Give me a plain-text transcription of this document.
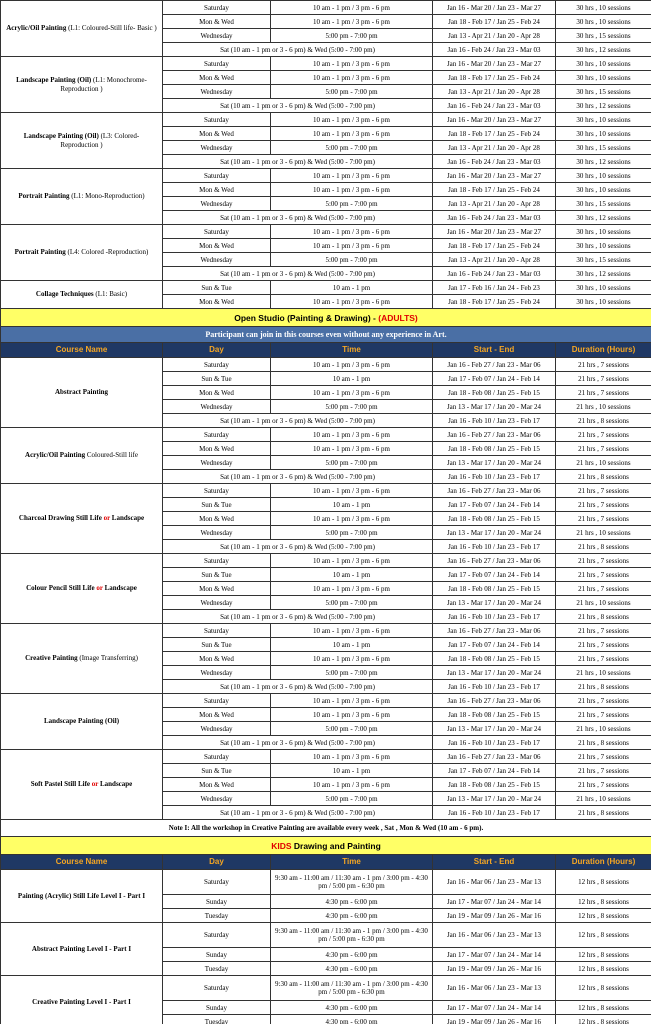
Acrylic/Oil Painting (L1: Coloured-Still life- Basic )	Saturday	10 am - 1 pm / 3 pm - 6 pm	Jan 16 - Mar 20 / Jan 23 - Mar 27	30 hrs , 10 sessions
	Mon & Wed	10 am - 1 pm / 3 pm - 6 pm	Jan 18 - Feb 17 / Jan 25 - Feb 24	30 hrs , 10 sessions
	Wednesday	5:00 pm - 7:00 pm	Jan 13 - Apr 21 / Jan 20 - Apr 28	30 hrs , 15 sessions
	Sat (10 am - 1 pm or 3 - 6 pm) & Wed (5:00 - 7:00 pm)		Jan 16 - Feb 24 / Jan 23 - Mar 03	30 hrs , 12 sessions
Landscape Painting (Oil) (L1: Monochrome- Reproduction )	Saturday	10 am - 1 pm / 3 pm - 6 pm	Jan 16 - Mar 20 / Jan 23 - Mar 27	30 hrs , 10 sessions
	Mon & Wed	10 am - 1 pm / 3 pm - 6 pm	Jan 18 - Feb 17 / Jan 25 - Feb 24	30 hrs , 10 sessions
	Wednesday	5:00 pm - 7:00 pm	Jan 13 - Apr 21 / Jan 20 - Apr 28	30 hrs , 15 sessions
	Sat (10 am - 1 pm or 3 - 6 pm) & Wed (5:00 - 7:00 pm)		Jan 16 - Feb 24 / Jan 23 - Mar 03	30 hrs , 12 sessions
Landscape Painting (Oil) (L3: Colored- Reproduction )	Saturday	10 am - 1 pm / 3 pm - 6 pm	Jan 16 - Mar 20 / Jan 23 - Mar 27	30 hrs , 10 sessions
	Mon & Wed	10 am - 1 pm / 3 pm - 6 pm	Jan 18 - Feb 17 / Jan 25 - Feb 24	30 hrs , 10 sessions
	Wednesday	5:00 pm - 7:00 pm	Jan 13 - Apr 21 / Jan 20 - Apr 28	30 hrs , 15 sessions
	Sat (10 am - 1 pm or 3 - 6 pm) & Wed (5:00 - 7:00 pm)		Jan 16 - Feb 24 / Jan 23 - Mar 03	30 hrs , 12 sessions
Portrait Painting (L1: Mono-Reproduction)	Saturday	10 am - 1 pm / 3 pm - 6 pm	Jan 16 - Mar 20 / Jan 23 - Mar 27	30 hrs , 10 sessions
	Mon & Wed	10 am - 1 pm / 3 pm - 6 pm	Jan 18 - Feb 17 / Jan 25 - Feb 24	30 hrs , 10 sessions
	Wednesday	5:00 pm - 7:00 pm	Jan 13 - Apr 21 / Jan 20 - Apr 28	30 hrs , 15 sessions
	Sat (10 am - 1 pm or 3 - 6 pm) & Wed (5:00 - 7:00 pm)		Jan 16 - Feb 24 / Jan 23 - Mar 03	30 hrs , 12 sessions
Portrait Painting (L4: Colored -Reproduction)	Saturday	10 am - 1 pm / 3 pm - 6 pm	Jan 16 - Mar 20 / Jan 23 - Mar 27	30 hrs , 10 sessions
	Mon & Wed	10 am - 1 pm / 3 pm - 6 pm	Jan 18 - Feb 17 / Jan 25 - Feb 24	30 hrs , 10 sessions
	Wednesday	5:00 pm - 7:00 pm	Jan 13 - Apr 21 / Jan 20 - Apr 28	30 hrs , 15 sessions
	Sat (10 am - 1 pm or 3 - 6 pm) & Wed (5:00 - 7:00 pm)		Jan 16 - Feb 24 / Jan 23 - Mar 03	30 hrs , 12 sessions
Collage Techniques (L1: Basic)	Sun & Tue	10 am - 1 pm	Jan 17 - Feb 16 / Jan 24 - Feb 23	30 hrs , 10 sessions
	Mon & Wed	10 am - 1 pm / 3 pm - 6 pm	Jan 18 - Feb 17 / Jan 25 - Feb 24	30 hrs , 10 sessions
Open Studio (Painting & Drawing) - (ADULTS)				
Participant can join in this courses even without any experience in Art.				
Course Name	Day	Time	Start - End	Duration (Hours)
Abstract Painting	Saturday	10 am - 1 pm / 3 pm - 6 pm	Jan 16 - Feb 27 / Jan 23 - Mar 06	21 hrs , 7 sessions
	Sun & Tue	10 am - 1 pm	Jan 17 - Feb 07 / Jan 24 - Feb 14	21 hrs , 7 sessions
	Mon & Wed	10 am - 1 pm / 3 pm - 6 pm	Jan 18 - Feb 08 / Jan 25 - Feb 15	21 hrs , 7 sessions
	Wednesday	5:00 pm - 7:00 pm	Jan 13 - Mar 17 / Jan 20 - Mar 24	21 hrs , 10 sessions
	Sat (10 am - 1 pm or 3 - 6 pm) & Wed (5:00 - 7:00 pm)		Jan 16 - Feb 10 / Jan 23 - Feb 17	21 hrs , 8 sessions
Acrylic/Oil Painting Coloured-Still life	Saturday	10 am - 1 pm / 3 pm - 6 pm	Jan 16 - Feb 27 / Jan 23 - Mar 06	21 hrs , 7 sessions
	Mon & Wed	10 am - 1 pm / 3 pm - 6 pm	Jan 18 - Feb 08 / Jan 25 - Feb 15	21 hrs , 7 sessions
	Wednesday	5:00 pm - 7:00 pm	Jan 13 - Mar 17 / Jan 20 - Mar 24	21 hrs , 10 sessions
	Sat (10 am - 1 pm or 3 - 6 pm) & Wed (5:00 - 7:00 pm)		Jan 16 - Feb 10 / Jan 23 - Feb 17	21 hrs , 8 sessions
Charcoal Drawing Still Life or Landscape	Saturday	10 am - 1 pm / 3 pm - 6 pm	Jan 16 - Feb 27 / Jan 23 - Mar 06	21 hrs , 7 sessions
	Sun & Tue	10 am - 1 pm	Jan 17 - Feb 07 / Jan 24 - Feb 14	21 hrs , 7 sessions
	Mon & Wed	10 am - 1 pm / 3 pm - 6 pm	Jan 18 - Feb 08 / Jan 25 - Feb 15	21 hrs , 7 sessions
	Wednesday	5:00 pm - 7:00 pm	Jan 13 - Mar 17 / Jan 20 - Mar 24	21 hrs , 10 sessions
	Sat (10 am - 1 pm or 3 - 6 pm) & Wed (5:00 - 7:00 pm)		Jan 16 - Feb 10 / Jan 23 - Feb 17	21 hrs , 8 sessions
Colour Pencil Still Life or Landscape	Saturday	10 am - 1 pm / 3 pm - 6 pm	Jan 16 - Feb 27 / Jan 23 - Mar 06	21 hrs , 7 sessions
	Sun & Tue	10 am - 1 pm	Jan 17 - Feb 07 / Jan 24 - Feb 14	21 hrs , 7 sessions
	Mon & Wed	10 am - 1 pm / 3 pm - 6 pm	Jan 18 - Feb 08 / Jan 25 - Feb 15	21 hrs , 7 sessions
	Wednesday	5:00 pm - 7:00 pm	Jan 13 - Mar 17 / Jan 20 - Mar 24	21 hrs , 10 sessions
	Sat (10 am - 1 pm or 3 - 6 pm) & Wed (5:00 - 7:00 pm)		Jan 16 - Feb 10 / Jan 23 - Feb 17	21 hrs , 8 sessions
Creative Painting (Image Transferring)	Saturday	10 am - 1 pm / 3 pm - 6 pm	Jan 16 - Feb 27 / Jan 23 - Mar 06	21 hrs , 7 sessions
	Sun & Tue	10 am - 1 pm	Jan 17 - Feb 07 / Jan 24 - Feb 14	21 hrs , 7 sessions
	Mon & Wed	10 am - 1 pm / 3 pm - 6 pm	Jan 18 - Feb 08 / Jan 25 - Feb 15	21 hrs , 7 sessions
	Wednesday	5:00 pm - 7:00 pm	Jan 13 - Mar 17 / Jan 20 - Mar 24	21 hrs , 10 sessions
	Sat (10 am - 1 pm or 3 - 6 pm) & Wed (5:00 - 7:00 pm)		Jan 16 - Feb 10 / Jan 23 - Feb 17	21 hrs , 8 sessions
Landscape Painting (Oil)	Saturday	10 am - 1 pm / 3 pm - 6 pm	Jan 16 - Feb 27 / Jan 23 - Mar 06	21 hrs , 7 sessions
	Mon & Wed	10 am - 1 pm / 3 pm - 6 pm	Jan 18 - Feb 08 / Jan 25 - Feb 15	21 hrs , 7 sessions
	Wednesday	5:00 pm - 7:00 pm	Jan 13 - Mar 17 / Jan 20 - Mar 24	21 hrs , 10 sessions
	Sat (10 am - 1 pm or 3 - 6 pm) & Wed (5:00 - 7:00 pm)		Jan 16 - Feb 10 / Jan 23 - Feb 17	21 hrs , 8 sessions
Soft Pastel Still Life or Landscape	Saturday	10 am - 1 pm / 3 pm - 6 pm	Jan 16 - Feb 27 / Jan 23 - Mar 06	21 hrs , 7 sessions
	Sun & Tue	10 am - 1 pm	Jan 17 - Feb 07 / Jan 24 - Feb 14	21 hrs , 7 sessions
	Mon & Wed	10 am - 1 pm / 3 pm - 6 pm	Jan 18 - Feb 08 / Jan 25 - Feb 15	21 hrs , 7 sessions
	Wednesday	5:00 pm - 7:00 pm	Jan 13 - Mar 17 / Jan 20 - Mar 24	21 hrs , 10 sessions
	Sat (10 am - 1 pm or 3 - 6 pm) & Wed (5:00 - 7:00 pm)		Jan 16 - Feb 10 / Jan 23 - Feb 17	21 hrs , 8 sessions
Note I: All the workshop in Creative Painting are available every week , Sat , Mon & Wed (10 am - 6 pm).				
KIDS Drawing and Painting				
Course Name	Day	Time	Start - End	Duration (Hours)
Painting (Acrylic) Still Life Level I - Part I	Saturday	9:30 am - 11:00 am / 11:30 am - 1 pm / 3:00 pm - 4:30 pm / 5:00 pm - 6:30 pm	Jan 16 - Mar 06 / Jan 23 - Mar 13	12 hrs , 8 sessions
	Sunday	4:30 pm - 6:00 pm	Jan 17 - Mar 07 / Jan 24 - Mar 14	12 hrs , 8 sessions
	Tuesday	4:30 pm - 6:00 pm	Jan 19 - Mar 09 / Jan 26 - Mar 16	12 hrs , 8 sessions
Abstract Painting Level I - Part I	Saturday	9:30 am - 11:00 am / 11:30 am - 1 pm / 3:00 pm - 4:30 pm / 5:00 pm - 6:30 pm	Jan 16 - Mar 06 / Jan 23 - Mar 13	12 hrs , 8 sessions
	Sunday	4:30 pm - 6:00 pm	Jan 17 - Mar 07 / Jan 24 - Mar 14	12 hrs , 8 sessions
	Tuesday	4:30 pm - 6:00 pm	Jan 19 - Mar 09 / Jan 26 - Mar 16	12 hrs , 8 sessions
Creative Painting Level I - Part I	Saturday	9:30 am - 11:00 am / 11:30 am - 1 pm / 3:00 pm - 4:30 pm / 5:00 pm - 6:30 pm	Jan 16 - Mar 06 / Jan 23 - Mar 13	12 hrs , 8 sessions
	Sunday	4:30 pm - 6:00 pm	Jan 17 - Mar 07 / Jan 24 - Mar 14	12 hrs , 8 sessions
	Tuesday	4:30 pm - 6:00 pm	Jan 19 - Mar 09 / Jan 26 - Mar 16	12 hrs , 8 sessions
